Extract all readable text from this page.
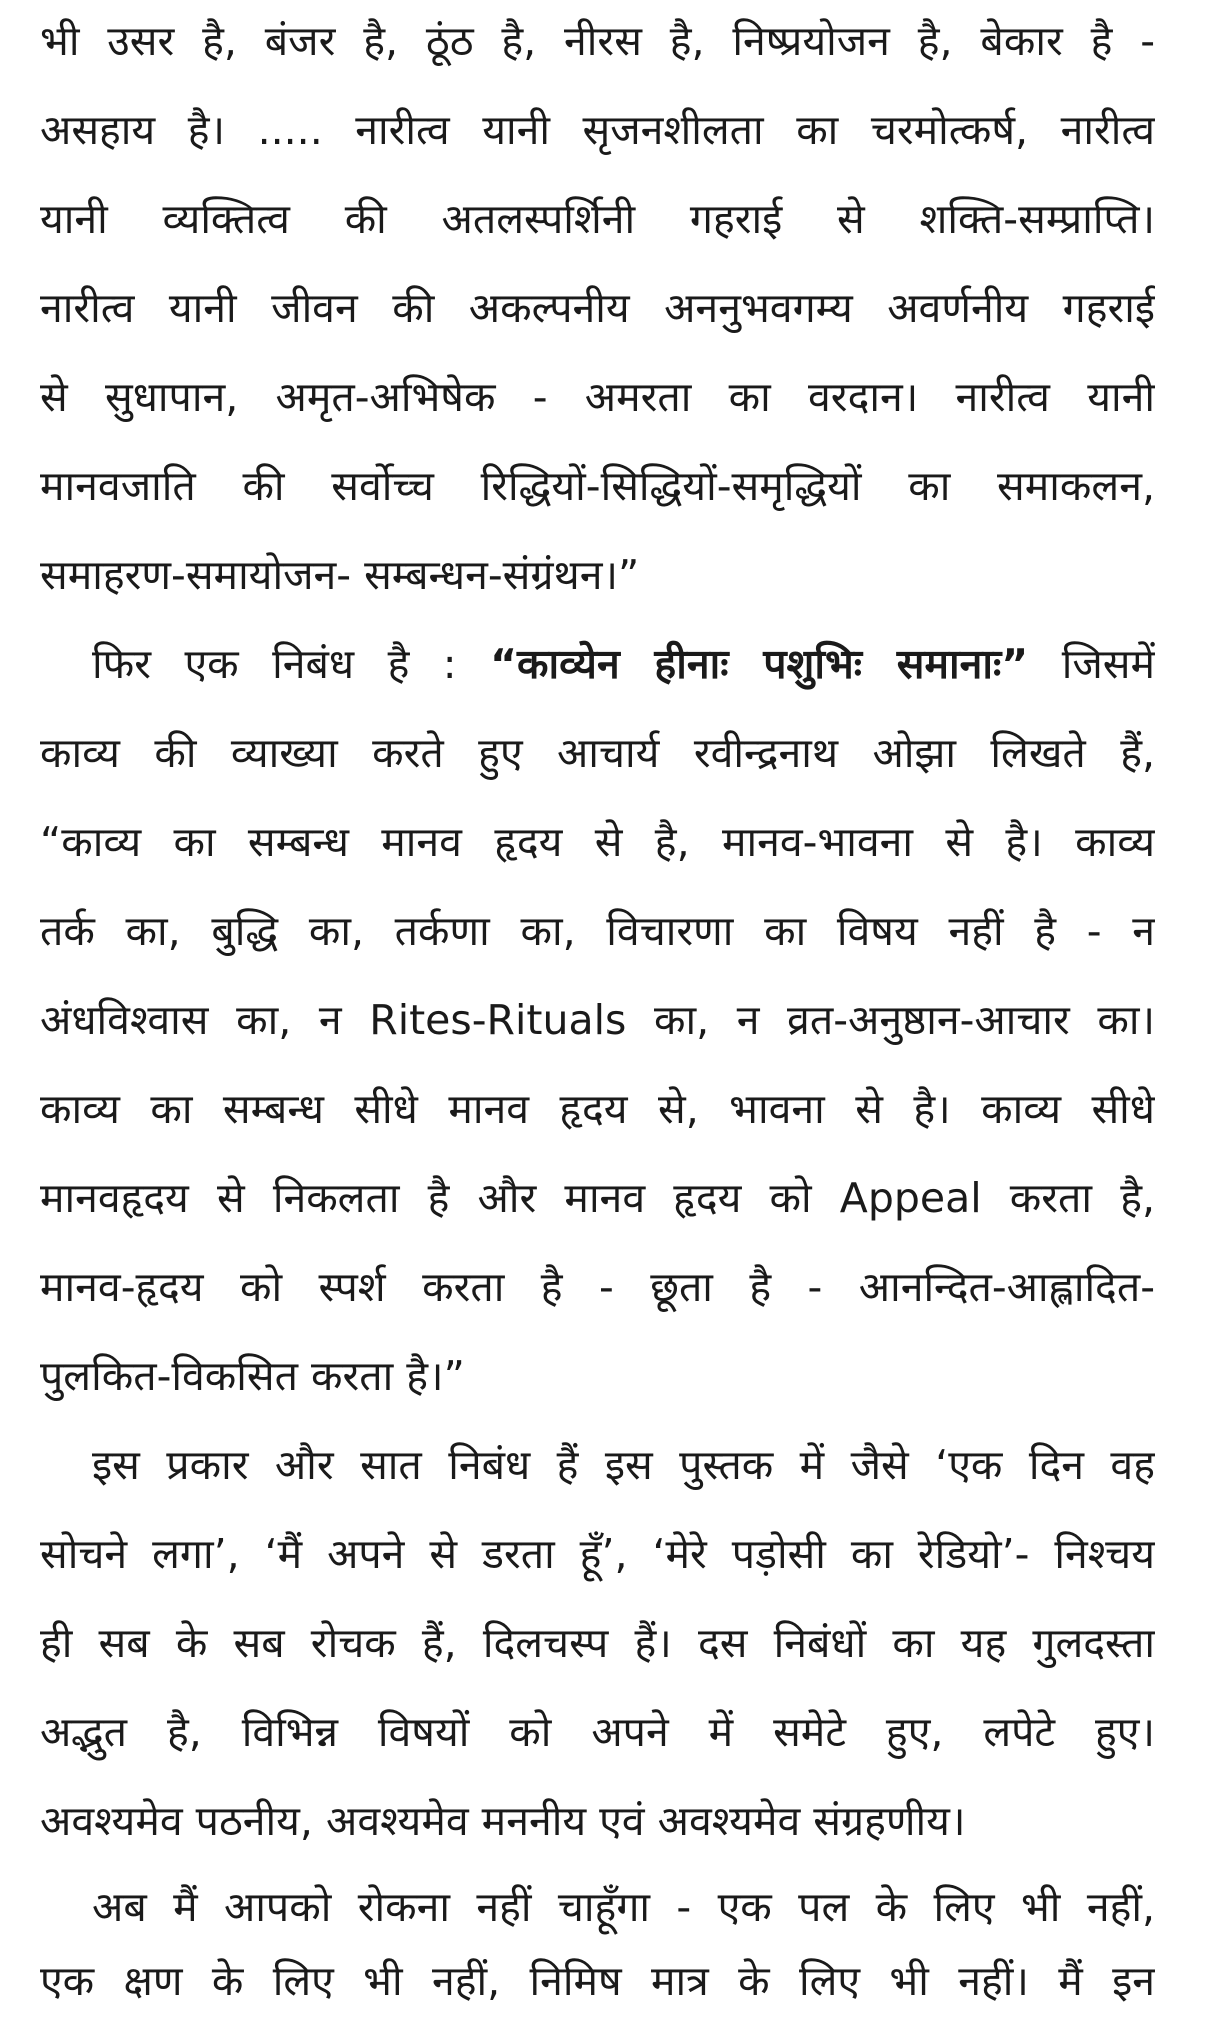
भी उसर है, बंजर है, ठूंठ है, नीरस है, निष्प्रयोजन है, बेकार है -
असहाय है। ..... नारीत्व यानी सृजनशीलता का चरमोत्कर्ष, नारीत्व
यानी व्यक्तित्व की अतलस्पर्शिनी गहराई से शक्ति-सम्प्राप्ति।
नारीत्व यानी जीवन की अकल्पनीय अननुभवगम्य अवर्णनीय गहराई
से सुधापान, अमृत-अभिषेक - अमरता का वरदान। नारीत्व यानी
मानवजाति की सर्वोच्च रिद्धियों-सिद्धियों-समृद्धियों का समाकलन,
समाहरण-समायोजन- सम्बन्धन-संग्रंथन।”
फिर एक निबंध है : “काव्येन हीनाः पशुभिः समानाः” जिसमें
काव्य की व्याख्या करते हुए आचार्य रवीन्द्रनाथ ओझा लिखते हैं,
“काव्य का सम्बन्ध मानव हृदय से है, मानव-भावना से है। काव्य
तर्क का, बुद्धि का, तर्कणा का, विचारणा का विषय नहीं है - न
अंधविश्वास का, न Rites-Rituals का, न व्रत-अनुष्ठान-आचार का।
काव्य का सम्बन्ध सीधे मानव हृदय से, भावना से है। काव्य सीधे
मानवहृदय से निकलता है और मानव हृदय को Appeal करता है,
मानव-हृदय को स्पर्श करता है - छूता है - आनन्दित-आह्लादित-
पुलकित-विकसित करता है।”
इस प्रकार और सात निबंध हैं इस पुस्तक में जैसे ‘एक दिन वह
सोचने लगा’, ‘मैं अपने से डरता हूँ’, ‘मेरे पड़ोसी का रेडियो’- निश्चय
ही सब के सब रोचक हैं, दिलचस्प हैं। दस निबंधों का यह गुलदस्ता
अद्भुत है, विभिन्न विषयों को अपने में समेटे हुए, लपेटे हुए।
अवश्यमेव पठनीय, अवश्यमेव मननीय एवं अवश्यमेव संग्रहणीय।
अब मैं आपको रोकना नहीं चाहूँगा - एक पल के लिए भी नहीं,
एक क्षण के लिए भी नहीं, निमिष मात्र के लिए भी नहीं। मैं इन
